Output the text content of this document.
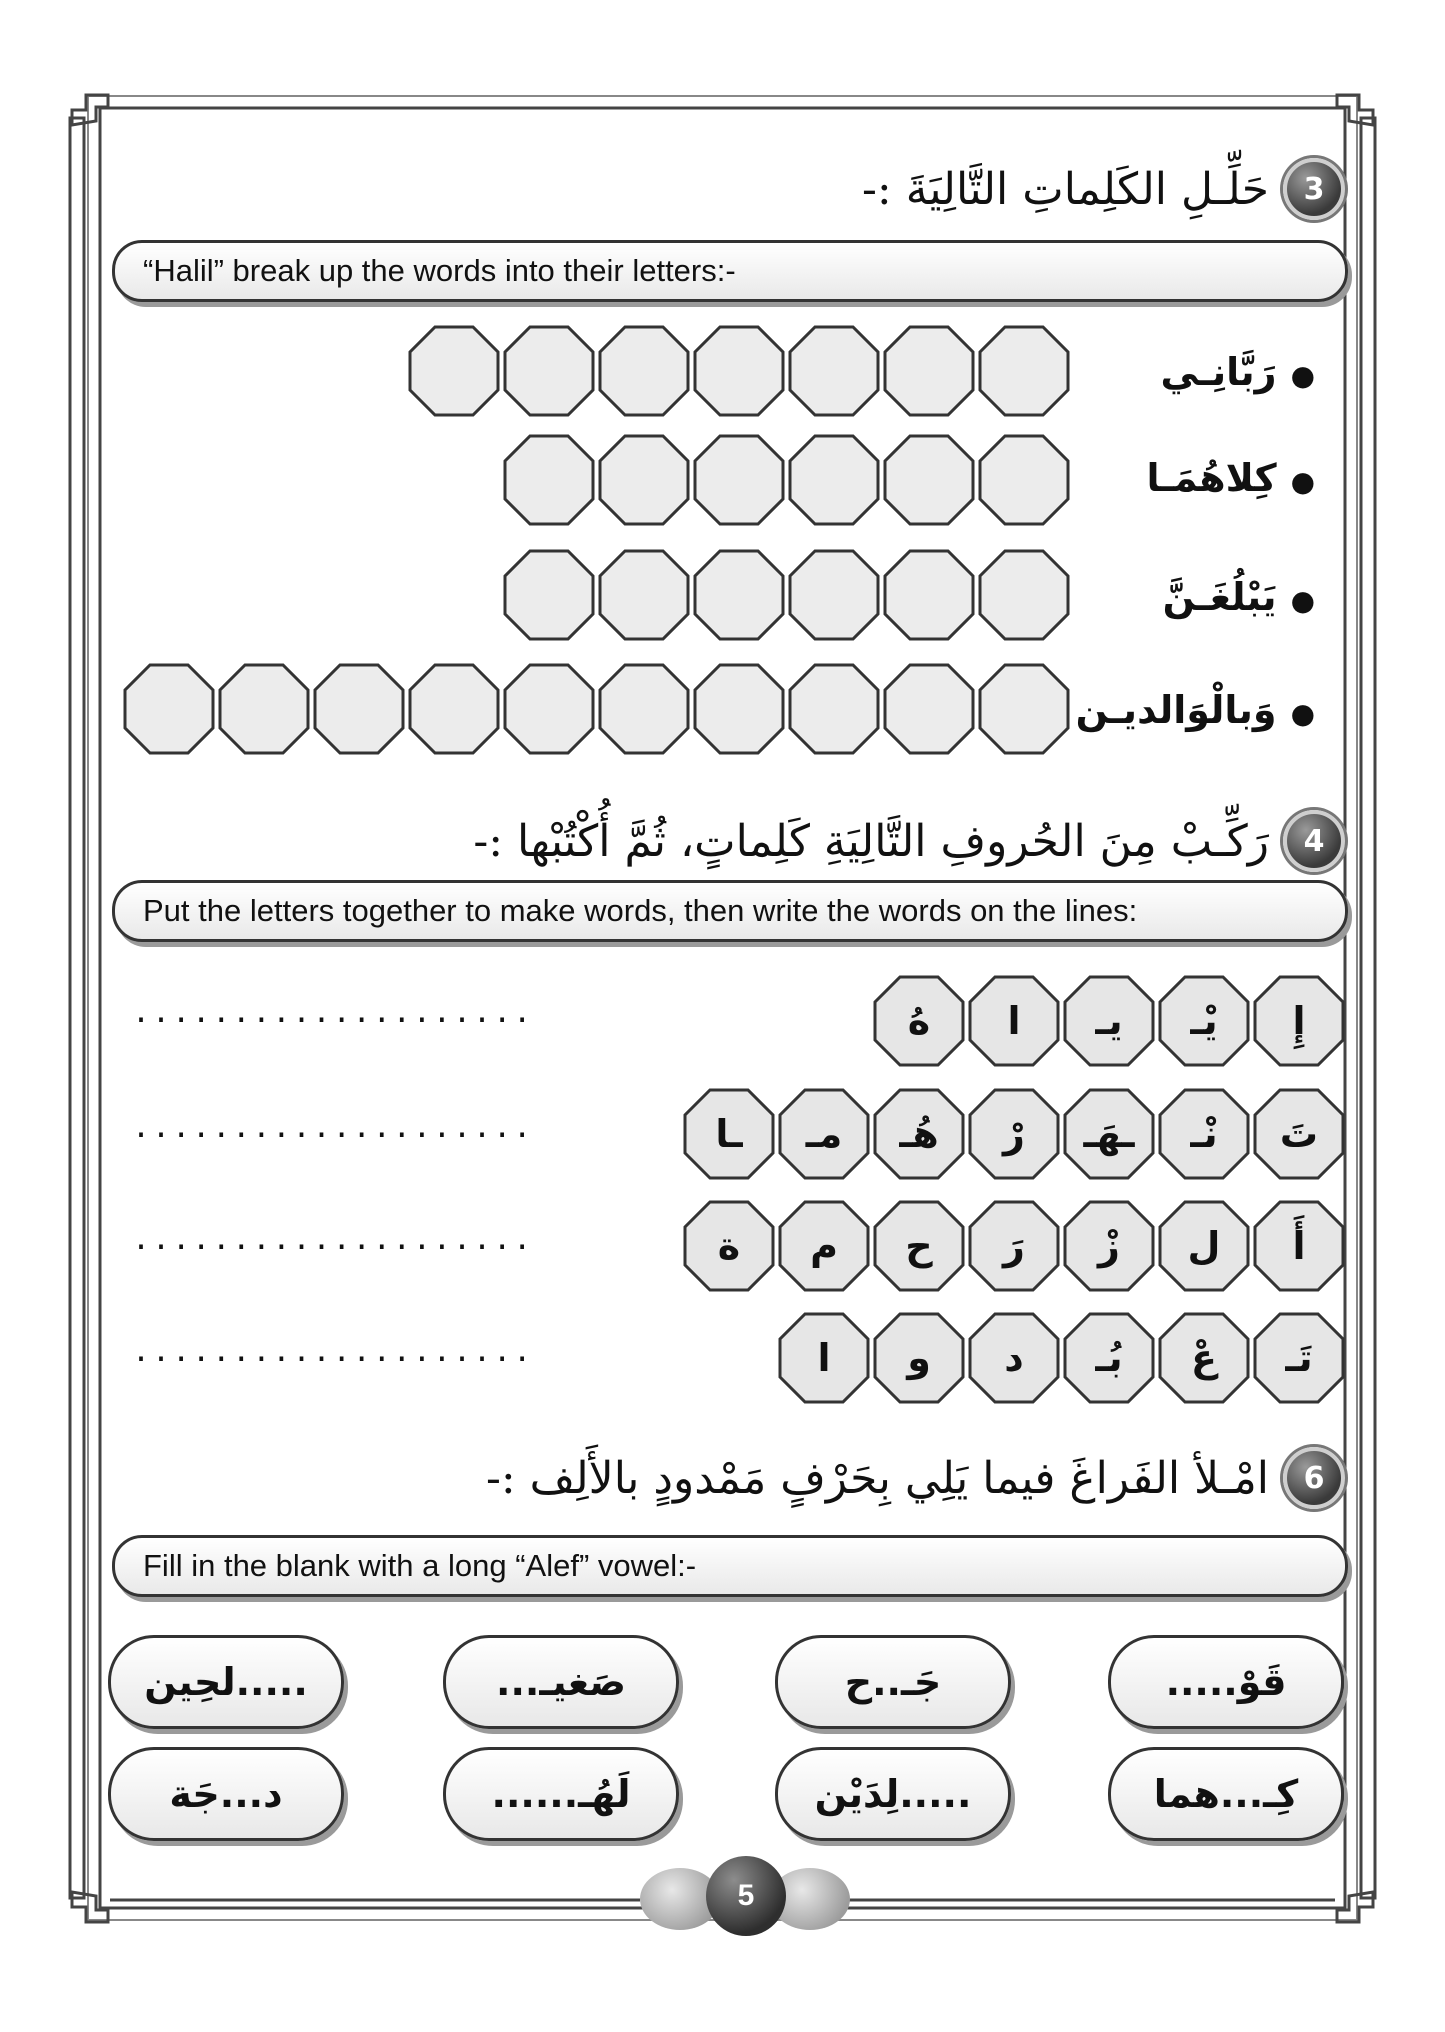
3
حَلِّـلِ الكَلِماتِ التَّالِيَةَ :-
“Halil” break up the words into their letters:-
●رَبَّانِـي
●كِلاهُمَـا
●يَبْلُغَـنَّ
●وَبالْوَالديـن
4
رَكِّـبْ مِنَ الحُروفِ التَّالِيَةِ كَلِماتٍ، ثُمَّ أُكْتُبْها :-
Put the letters together to make words, then write the words on the lines:
إِ
يْـ
يـ
ا
هُ
....................
تَ
نْـ
ـهَـ
رْ
هُـ
مـ
ـا
....................
أَ
ل
زْ
رَ
ح
م
ة
....................
تَـ
عْ
بُـ
د
و
ا
....................
6
امْـلأ الفَراغَ فيما يَلِي بِحَرْفٍ مَمْدودٍ بالأَلِف :-
Fill in the blank with a long “Alef” vowel:-
قَوْ.....
جَـ..ح
صَغيـ...
.....لحِين
كِـ...هما
.....لِدَيْن
لَهُـ......
د...جَة
5
